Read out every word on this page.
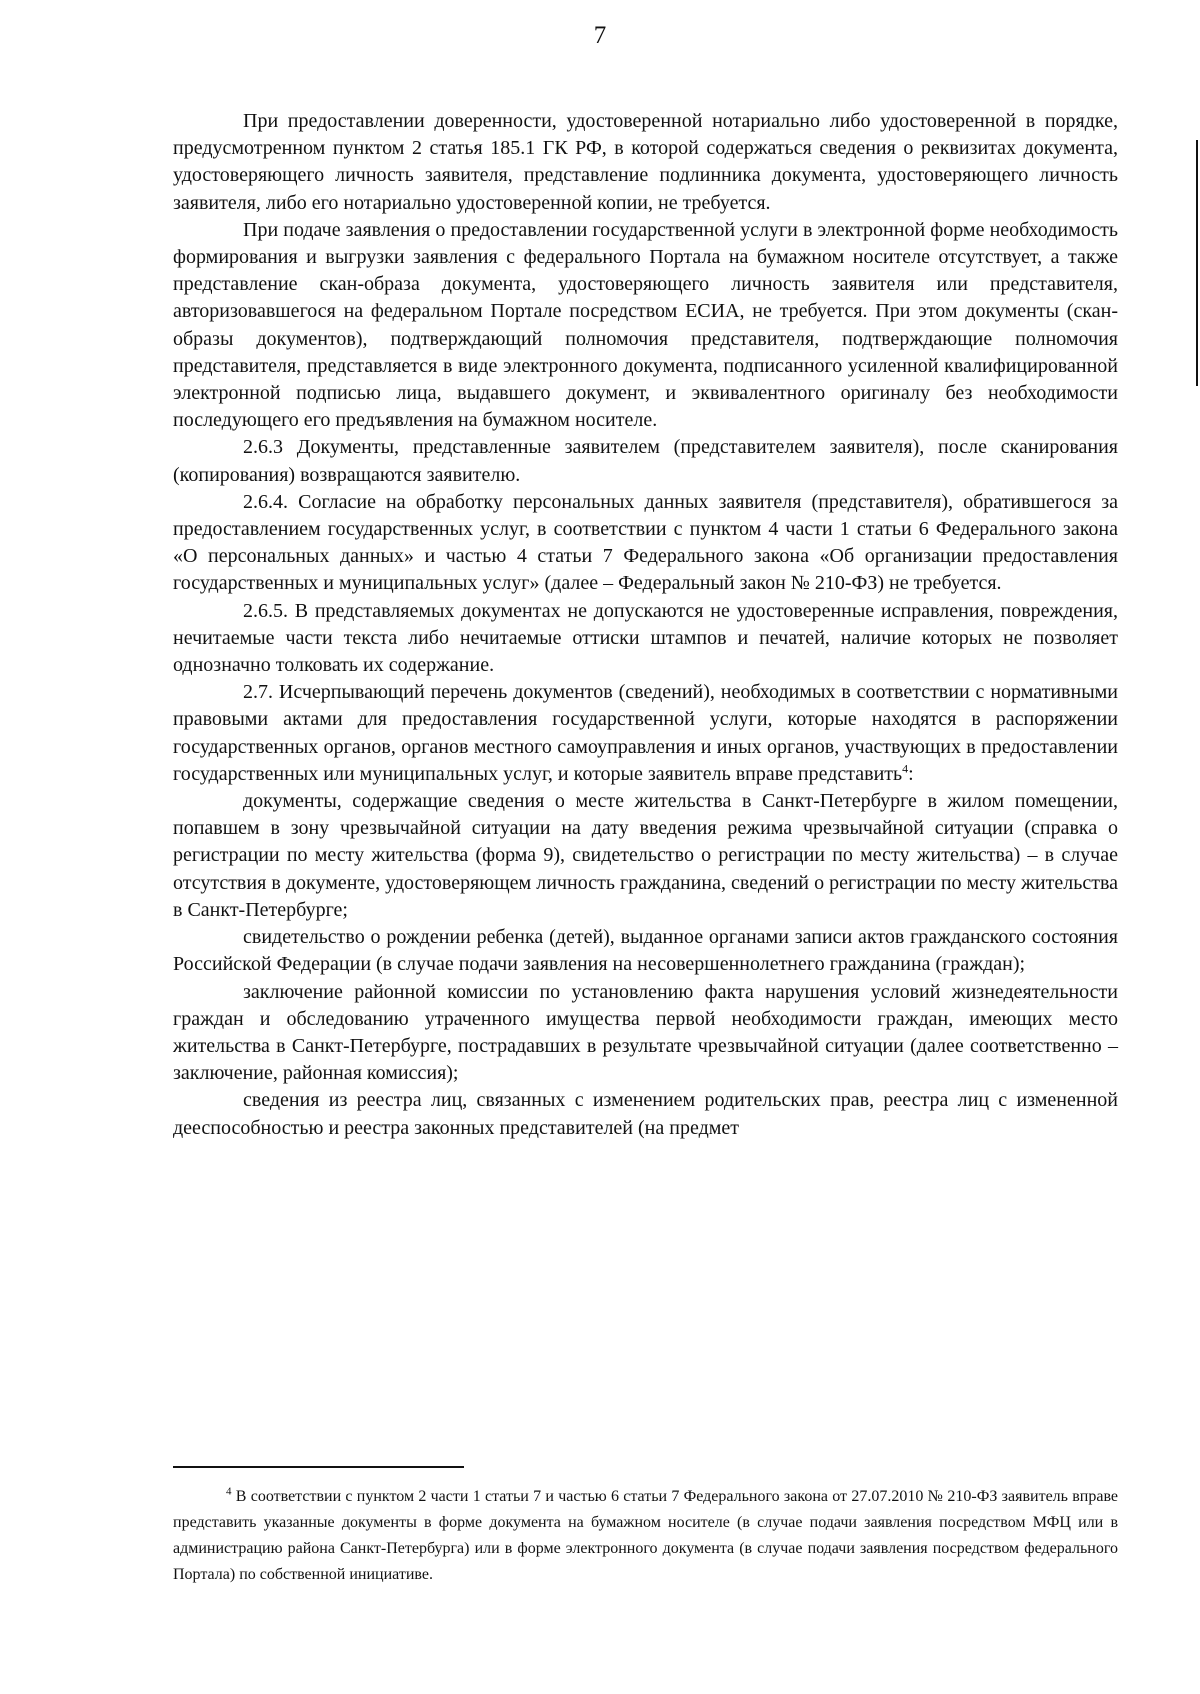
7

При предоставлении доверенности, удостоверенной нотариально либо удостоверенной в порядке, предусмотренном пунктом 2 статья 185.1 ГК РФ, в которой содержаться сведения о реквизитах документа, удостоверяющего личность заявителя, представление подлинника документа, удостоверяющего личность заявителя, либо его нотариально удостоверенной копии, не требуется.

При подаче заявления о предоставлении государственной услуги в электронной форме необходимость формирования и выгрузки заявления с федерального Портала на бумажном носителе отсутствует, а также представление скан-образа документа, удостоверяющего личность заявителя или представителя, авторизовавшегося на федеральном Портале посредством ЕСИА, не требуется. При этом документы (скан-образы документов), подтверждающий полномочия представителя, подтверждающие полномочия представителя, представляется в виде электронного документа, подписанного усиленной квалифицированной электронной подписью лица, выдавшего документ, и эквивалентного оригиналу без необходимости последующего его предъявления на бумажном носителе.

2.6.3 Документы, представленные заявителем (представителем заявителя), после сканирования (копирования) возвращаются заявителю.

2.6.4. Согласие на обработку персональных данных заявителя (представителя), обратившегося за предоставлением государственных услуг, в соответствии с пунктом 4 части 1 статьи 6 Федерального закона «О персональных данных» и частью 4 статьи 7 Федерального закона «Об организации предоставления государственных и муниципальных услуг» (далее – Федеральный закон № 210-ФЗ) не требуется.

2.6.5. В представляемых документах не допускаются не удостоверенные исправления, повреждения, нечитаемые части текста либо нечитаемые оттиски штампов и печатей, наличие которых не позволяет однозначно толковать их содержание.

2.7. Исчерпывающий перечень документов (сведений), необходимых в соответствии с нормативными правовыми актами для предоставления государственной услуги, которые находятся в распоряжении государственных органов, органов местного самоуправления и иных органов, участвующих в предоставлении государственных или муниципальных услуг, и которые заявитель вправе представить$^4$:

документы, содержащие сведения о месте жительства в Санкт-Петербурге в жилом помещении, попавшем в зону чрезвычайной ситуации на дату введения режима чрезвычайной ситуации (справка о регистрации по месту жительства (форма 9), свидетельство о регистрации по месту жительства) – в случае отсутствия в документе, удостоверяющем личность гражданина, сведений о регистрации по месту жительства в Санкт-Петербурге;

свидетельство о рождении ребенка (детей), выданное органами записи актов гражданского состояния Российской Федерации (в случае подачи заявления на несовершеннолетнего гражданина (граждан);

заключение районной комиссии по установлению факта нарушения условий жизнедеятельности граждан и обследованию утраченного имущества первой необходимости граждан, имеющих место жительства в Санкт-Петербурге, пострадавших в результате чрезвычайной ситуации (далее соответственно – заключение, районная комиссия);

сведения из реестра лиц, связанных с изменением родительских прав, реестра лиц с измененной дееспособностью и реестра законных представителей (на предмет

$^4$ В соответствии с пунктом 2 части 1 статьи 7 и частью 6 статьи 7 Федерального закона от 27.07.2010 № 210-ФЗ заявитель вправе представить указанные документы в форме документа на бумажном носителе (в случае подачи заявления посредством МФЦ или в администрацию района Санкт-Петербурга) или в форме электронного документа (в случае подачи заявления посредством федерального Портала) по собственной инициативе.
